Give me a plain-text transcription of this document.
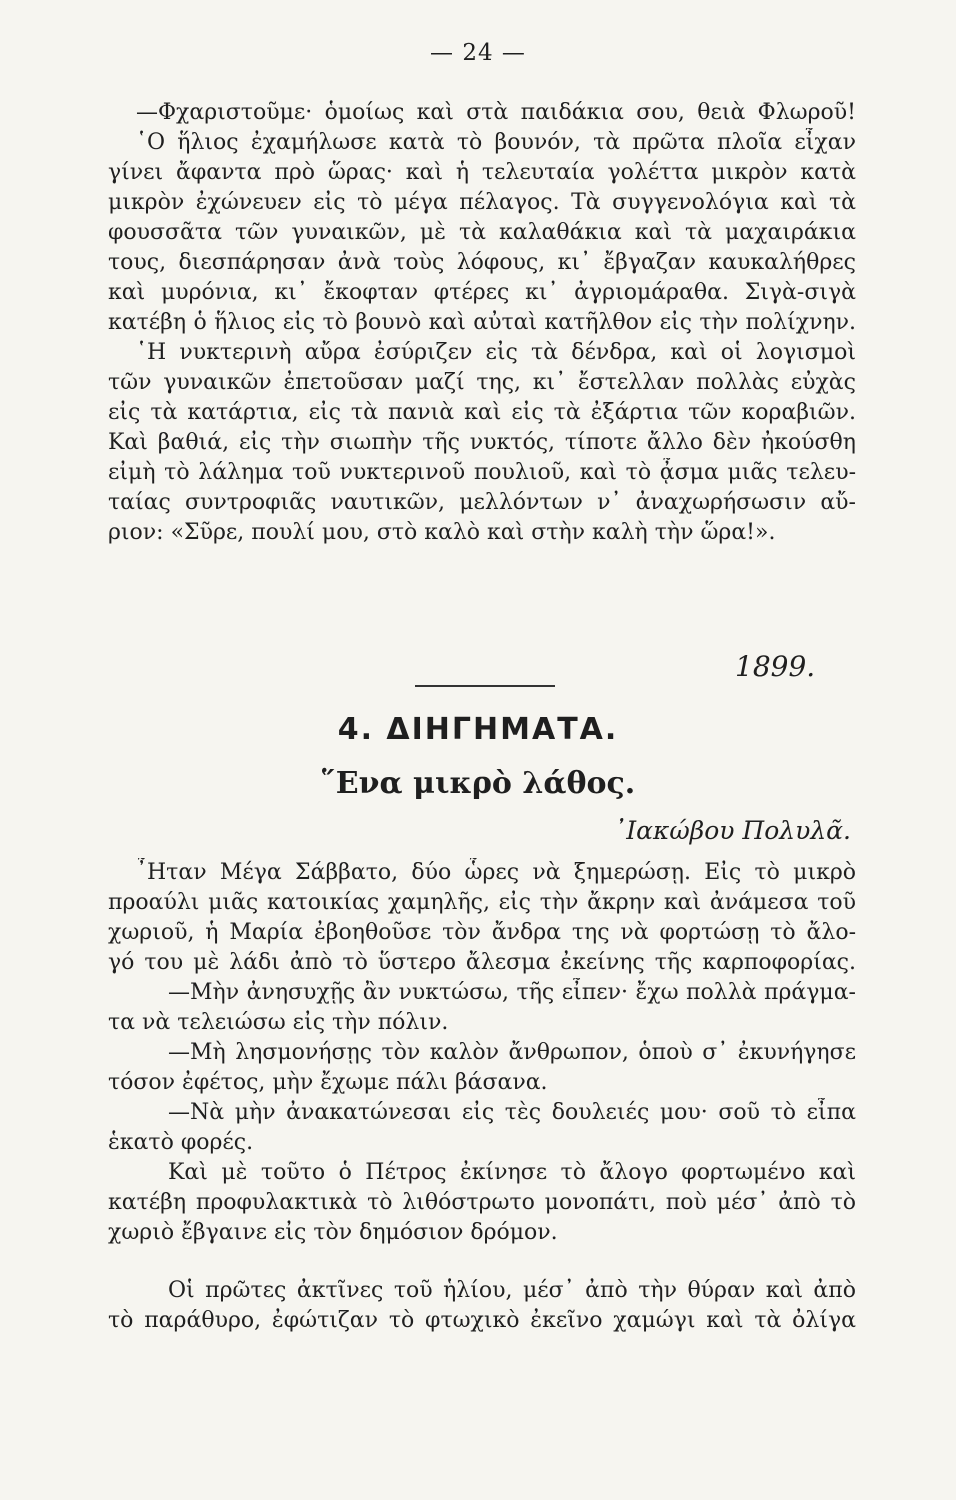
— 24 —
—Φχαριστοῦμε· ὁμοίως καὶ στὰ παιδάκια σου, θειὰ Φλωροῦ!
῾Ο ἥλιος ἐχαμήλωσε κατὰ τὸ βουνόν, τὰ πρῶτα πλοῖα εἶχαν
γίνει ἄφαντα πρὸ ὥρας· καὶ ἡ τελευταία γολέττα μικρὸν κατὰ
μικρὸν ἐχώνευεν εἰς τὸ μέγα πέλαγος. Τὰ συγγενολόγια καὶ τὰ
φουσσᾶτα τῶν γυναικῶν, μὲ τὰ καλαθάκια καὶ τὰ μαχαιράκια
τους, διεσπάρησαν ἀνὰ τοὺς λόφους, κι᾿ ἔβγαζαν καυκαλήθρες
καὶ μυρόνια, κι᾿ ἔκοφταν φτέρες κι᾿ ἀγριομάραθα. Σιγὰ-σιγὰ
κατέβη ὁ ἥλιος εἰς τὸ βουνὸ καὶ αὐταὶ κατῆλθον εἰς τὴν πολίχνην.
῾Η νυκτερινὴ αὔρα ἐσύριζεν εἰς τὰ δένδρα, καὶ οἱ λογισμοὶ
τῶν γυναικῶν ἐπετοῦσαν μαζί της, κι᾿ ἔστελλαν πολλὰς εὐχὰς
εἰς τὰ κατάρτια, εἰς τὰ πανιὰ καὶ εἰς τὰ ἐξάρτια τῶν κοραβιῶν.
Καὶ βαθιά, εἰς τὴν σιωπὴν τῆς νυκτός, τίποτε ἄλλο δὲν ἠκούσθη
εἰμὴ τὸ λάλημα τοῦ νυκτερινοῦ πουλιοῦ, καὶ τὸ ᾆσμα μιᾶς τελευ-
ταίας συντροφιᾶς ναυτικῶν, μελλόντων ν᾿ ἀναχωρήσωσιν αὔ-
ριον: «Σῦρε, πουλί μου, στὸ καλὸ καὶ στὴν καλὴ τὴν ὥρα!».
1899.
4. ΔΙΗΓΗΜΑΤΑ.
῞Ενα μικρὸ λάθος.
᾿Ιακώβου Πολυλᾶ.
῏Ηταν Μέγα Σάββατο, δύο ὧρες νὰ ξημερώσῃ. Εἰς τὸ μικρὸ
προαύλι μιᾶς κατοικίας χαμηλῆς, εἰς τὴν ἄκρην καὶ ἀνάμεσα τοῦ
χωριοῦ, ἡ Μαρία ἐβοηθοῦσε τὸν ἄνδρα της νὰ φορτώσῃ τὸ ἄλο-
γό του μὲ λάδι ἀπὸ τὸ ὕστερο ἄλεσμα ἐκείνης τῆς καρποφορίας.
—Μὴν ἀνησυχῇς ἂν νυκτώσω, τῆς εἶπεν· ἔχω πολλὰ πράγμα-
τα νὰ τελειώσω εἰς τὴν πόλιν.
—Μὴ λησμονήσῃς τὸν καλὸν ἄνθρωπον, ὁποὺ σ᾿ ἐκυνήγησε
τόσον ἐφέτος, μὴν ἔχωμε πάλι βάσανα.
—Νὰ μὴν ἀνακατώνεσαι εἰς τὲς δουλειές μου· σοῦ τὸ εἶπα
ἑκατὸ φορές.
Καὶ μὲ τοῦτο ὁ Πέτρος ἐκίνησε τὸ ἄλογο φορτωμένο καὶ
κατέβη προφυλακτικὰ τὸ λιθόστρωτο μονοπάτι, ποὺ μέσ᾿ ἀπὸ τὸ
χωριὸ ἔβγαινε εἰς τὸν δημόσιον δρόμον.
Οἱ πρῶτες ἀκτῖνες τοῦ ἡλίου, μέσ᾿ ἀπὸ τὴν θύραν καὶ ἀπὸ
τὸ παράθυρο, ἐφώτιζαν τὸ φτωχικὸ ἐκεῖνο χαμώγι καὶ τὰ ὀλίγα
